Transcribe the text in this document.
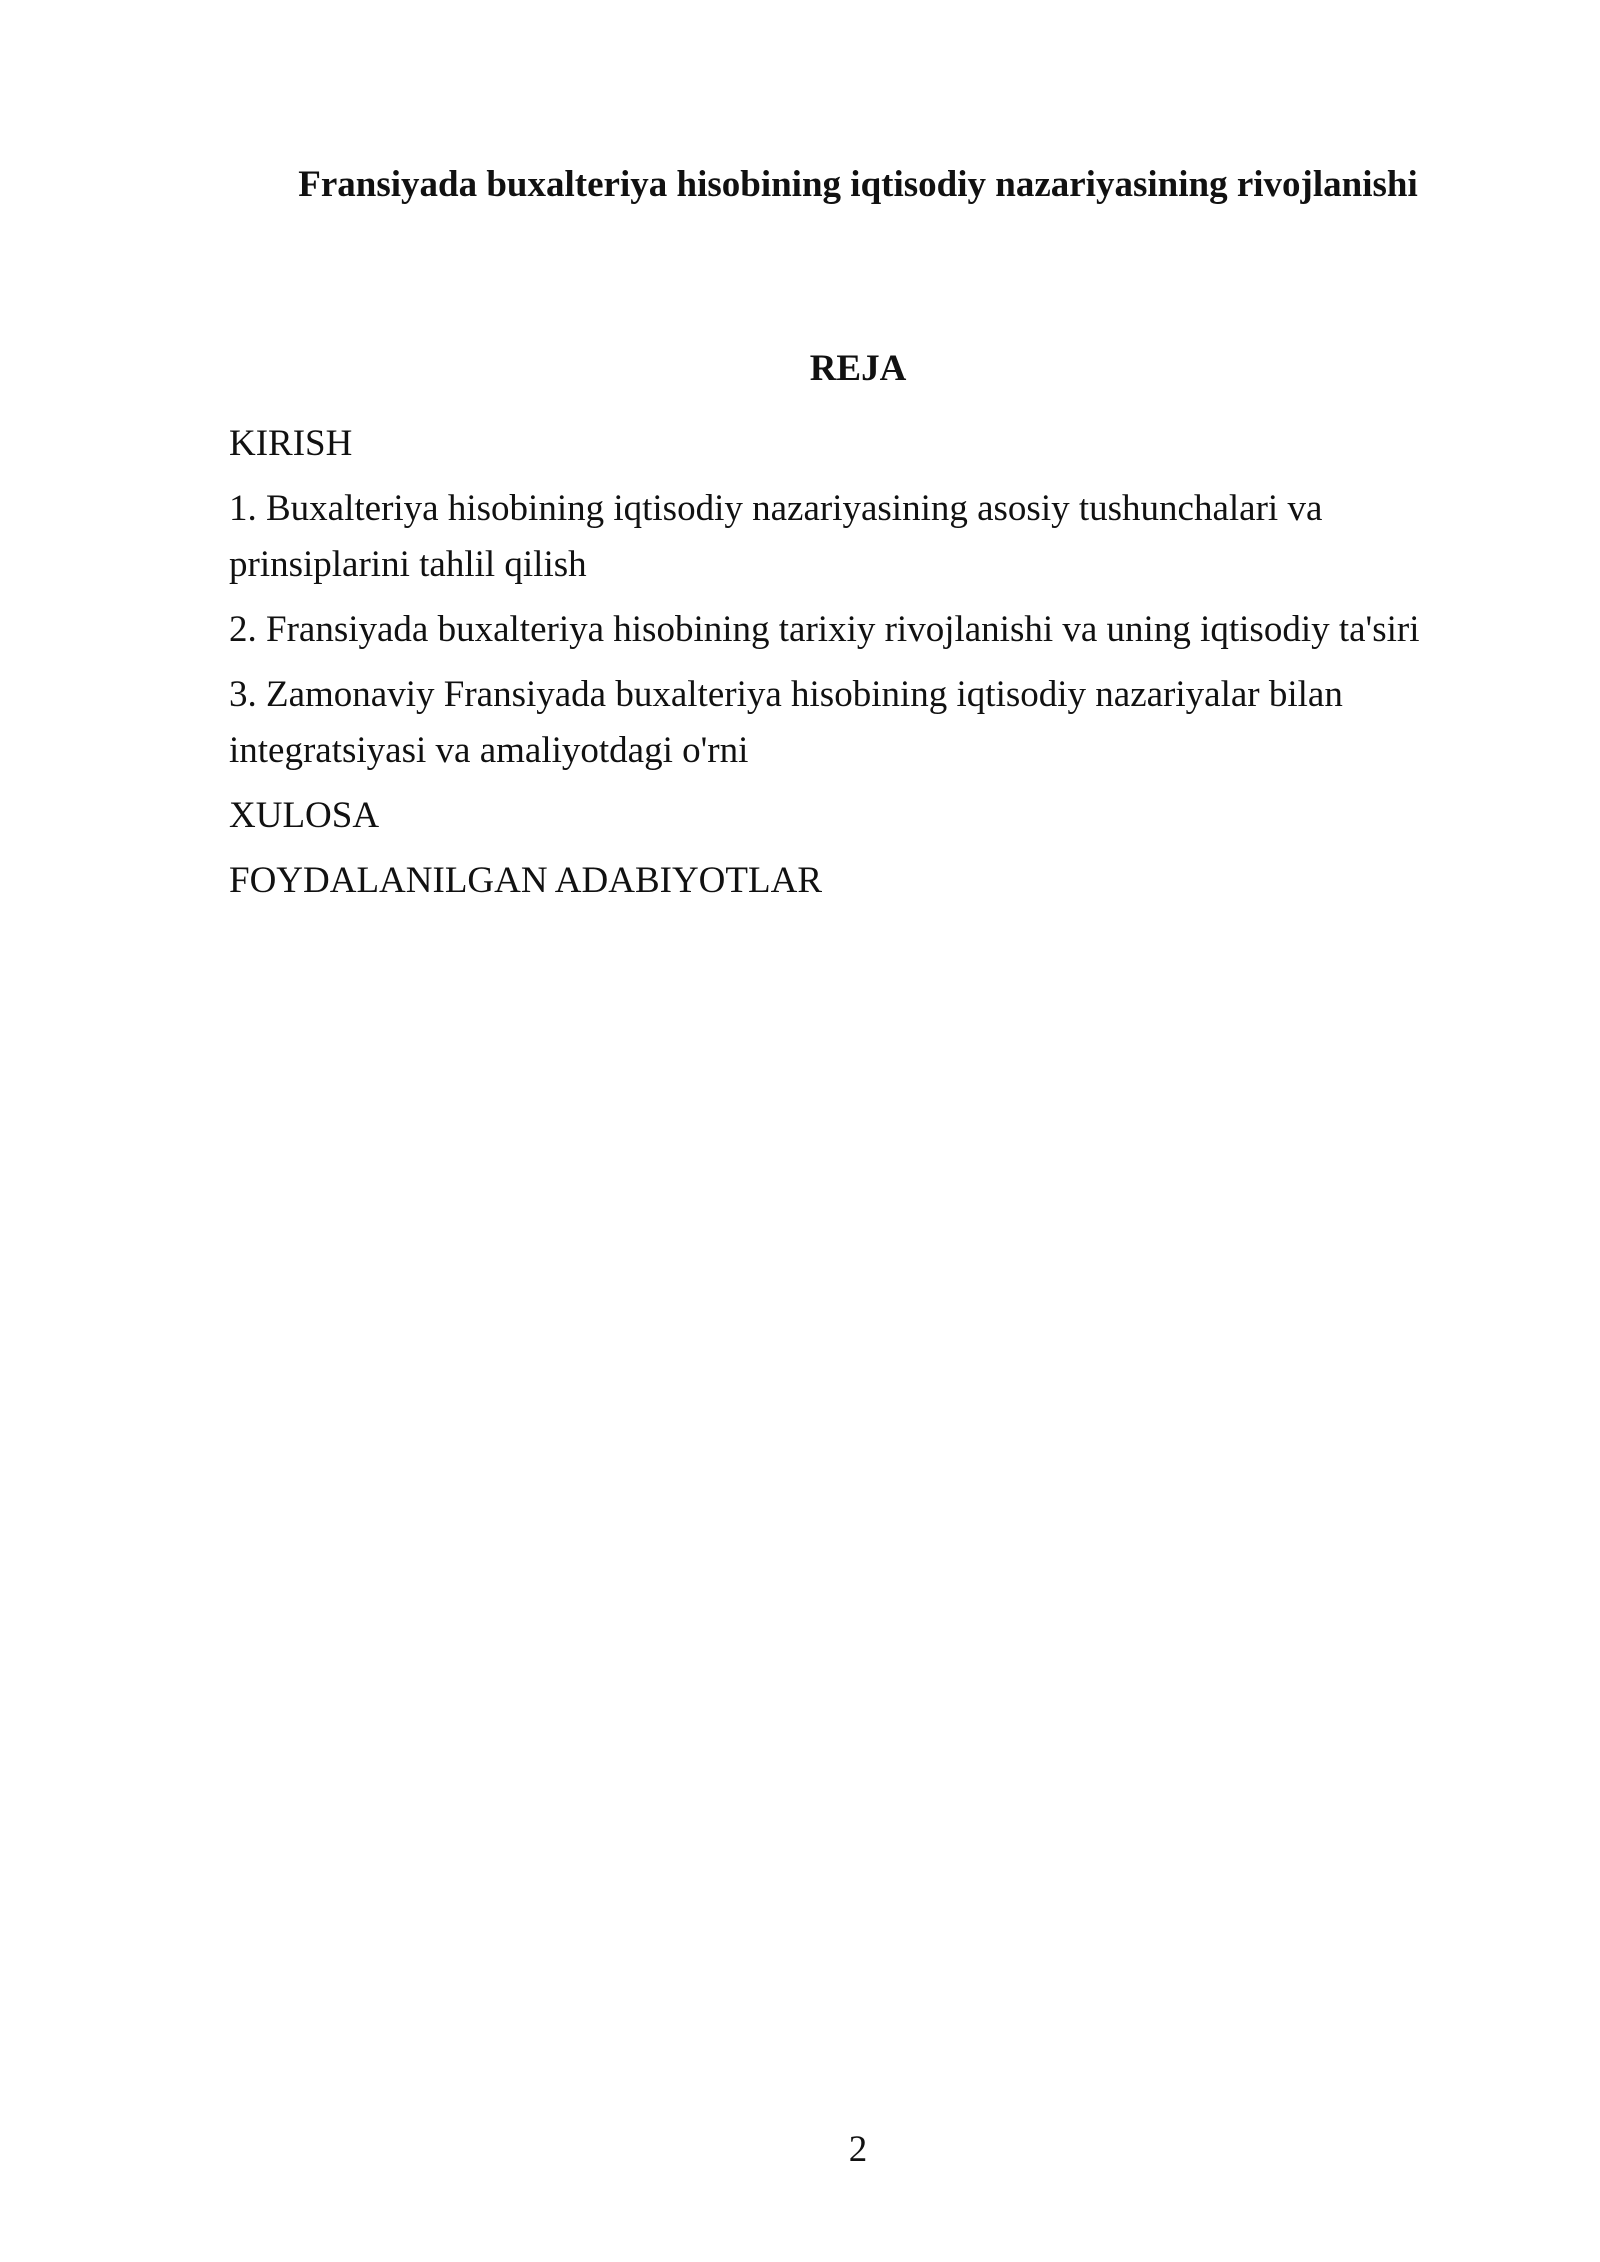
Fransiyada buxalteriya hisobining iqtisodiy nazariyasining rivojlanishi
REJA
KIRISH
1. Buxalteriya hisobining iqtisodiy nazariyasining asosiy tushunchalari va prinsiplarini tahlil qilish
2. Fransiyada buxalteriya hisobining tarixiy rivojlanishi va uning iqtisodiy ta'siri
3. Zamonaviy Fransiyada buxalteriya hisobining iqtisodiy nazariyalar bilan integratsiyasi va amaliyotdagi o'rni
XULOSA
FOYDALANILGAN ADABIYOTLAR
2
